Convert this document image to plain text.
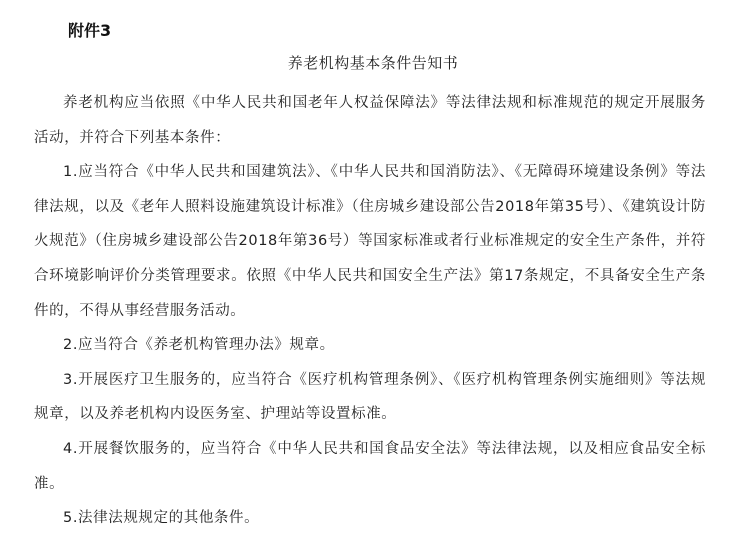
附件3
养老机构基本条件告知书

养老机构应当依照《中华人民共和国老年人权益保障法》等法律法规和标准规范的规定开展服务活动，并符合下列基本条件：

1.应当符合《中华人民共和国建筑法》、《中华人民共和国消防法》、《无障碍环境建设条例》等法律法规，以及《老年人照料设施建筑设计标准》（住房城乡建设部公告2018年第35号）、《建筑设计防火规范》（住房城乡建设部公告2018年第36号）等国家标准或者行业标准规定的安全生产条件，并符合环境影响评价分类管理要求。依照《中华人民共和国安全生产法》第17条规定，不具备安全生产条件的，不得从事经营服务活动。

2.应当符合《养老机构管理办法》规章。

3.开展医疗卫生服务的，应当符合《医疗机构管理条例》、《医疗机构管理条例实施细则》等法规规章，以及养老机构内设医务室、护理站等设置标准。

4.开展餐饮服务的，应当符合《中华人民共和国食品安全法》等法律法规，以及相应食品安全标准。

5.法律法规规定的其他条件。
